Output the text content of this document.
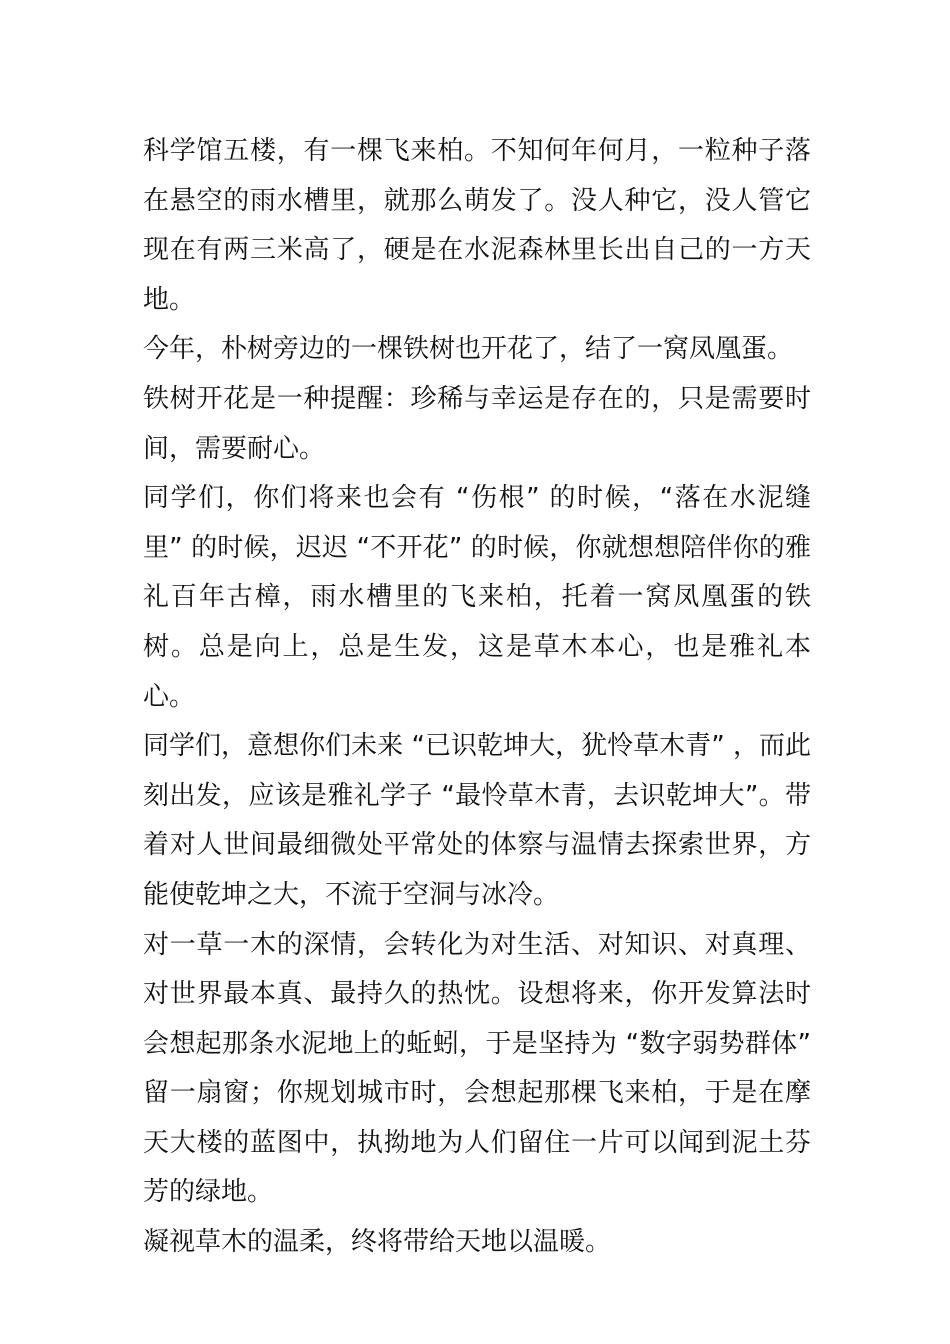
科学馆五楼，有一棵飞来柏。不知何年何月，一粒种子落在悬空的雨水槽里，就那么萌发了。没人种它，没人管它现在有两三米高了，硬是在水泥森林里长出自己的一方天地。

今年，朴树旁边的一棵铁树也开花了，结了一窝凤凰蛋。

铁树开花是一种提醒：珍稀与幸运是存在的，只是需要时间，需要耐心。

同学们，你们将来也会有 “伤根” 的时候，“落在水泥缝里” 的时候，迟迟 “不开花” 的时候，你就想想陪伴你的雅礼百年古樟，雨水槽里的飞来柏，托着一窝凤凰蛋的铁树。总是向上，总是生发，这是草木本心，也是雅礼本心。

同学们，意想你们未来 “已识乾坤大，犹怜草木青” ，而此刻出发，应该是雅礼学子 “最怜草木青，去识乾坤大”。带着对人世间最细微处平常处的体察与温情去探索世界，方能使乾坤之大，不流于空洞与冰冷。

对一草一木的深情，会转化为对生活、对知识、对真理、对世界最本真、最持久的热忱。设想将来，你开发算法时会想起那条水泥地上的蚯蚓，于是坚持为 “数字弱势群体” 留一扇窗；你规划城市时，会想起那棵飞来柏，于是在摩天大楼的蓝图中，执拗地为人们留住一片可以闻到泥土芬芳的绿地。

凝视草木的温柔，终将带给天地以温暖。
